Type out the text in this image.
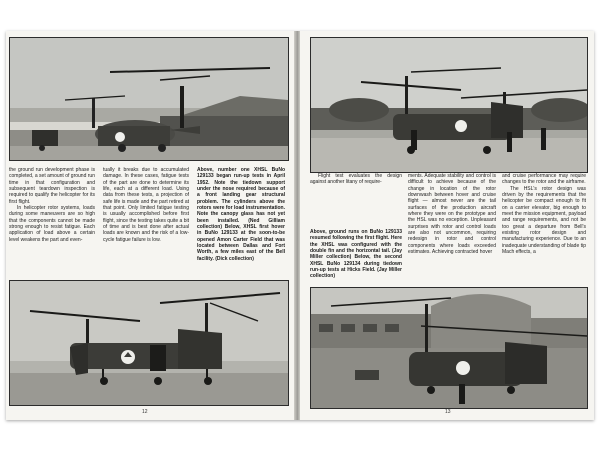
the ground run development phase is completed, a set amount of ground run time in that configuration and subsequent teardown inspection is required to qualify the helicopter for its first flight.

In helicopter rotor systems, loads during some maneuvers are so high that the components cannot be made strong enough to resist fatigue. Each application of load above a certain level weakens the part and even-

tually it breaks due to accumulated damage. In these cases, fatigue tests of the part are done to determine its life, each at a different load. Using data from these tests, a projection of safe life is made and the part retired at that point. Only limited fatigue testing is usually accomplished before first flight, since the testing takes quite a bit of time and is best done after actual loads are known and the risk of a low-cycle fatigue failure is low.

Above, number one XHSL BuNo 129133 began run-up tests in April 1952. Note the tiedown support under the nose required because of a front landing gear structural problem. The cylinders above the rotors were for load instrumentation. Note the canopy glass has not yet been installed. (Ned Gilliam collection) Below, XHSL first hover in BuNo 129133 at the soon-to-be opened Amon Carter Field that was located between Dallas and Fort Worth, a few miles east of the Bell facility. (Dick collection)

12

Flight test evaluates the design against another litany of require-

Above, ground runs on BuNo 129133 resumed following the first flight. Here the XHSL was configured with the double fin and the horizontal tail. (Jay Miller collection) Below, the second XHSL BuNo 129134 during tiedown run-up tests at Hicks Field. (Jay Miller collection)

ments. Adequate stability and control is difficult to achieve because of the change in location of the rotor downwash between hover and cruise flight — almost never are the tail surfaces of the production aircraft where they were on the prototype and the HSL was no exception. Unpleasant surprises with rotor and control loads are also not uncommon, requiring redesign in rotor and control components where loads exceeded estimates. Achieving contracted hover

and cruise performance may require changes to the rotor and the airframe.

The HSL's rotor design was driven by the requirements that the helicopter be compact enough to fit on a carrier elevator, big enough to meet the mission equipment, payload and range requirements, and not be too great a departure from Bell's existing rotor design and manufacturing experience. Due to an inadequate understanding of blade tip Mach effects, a

13
